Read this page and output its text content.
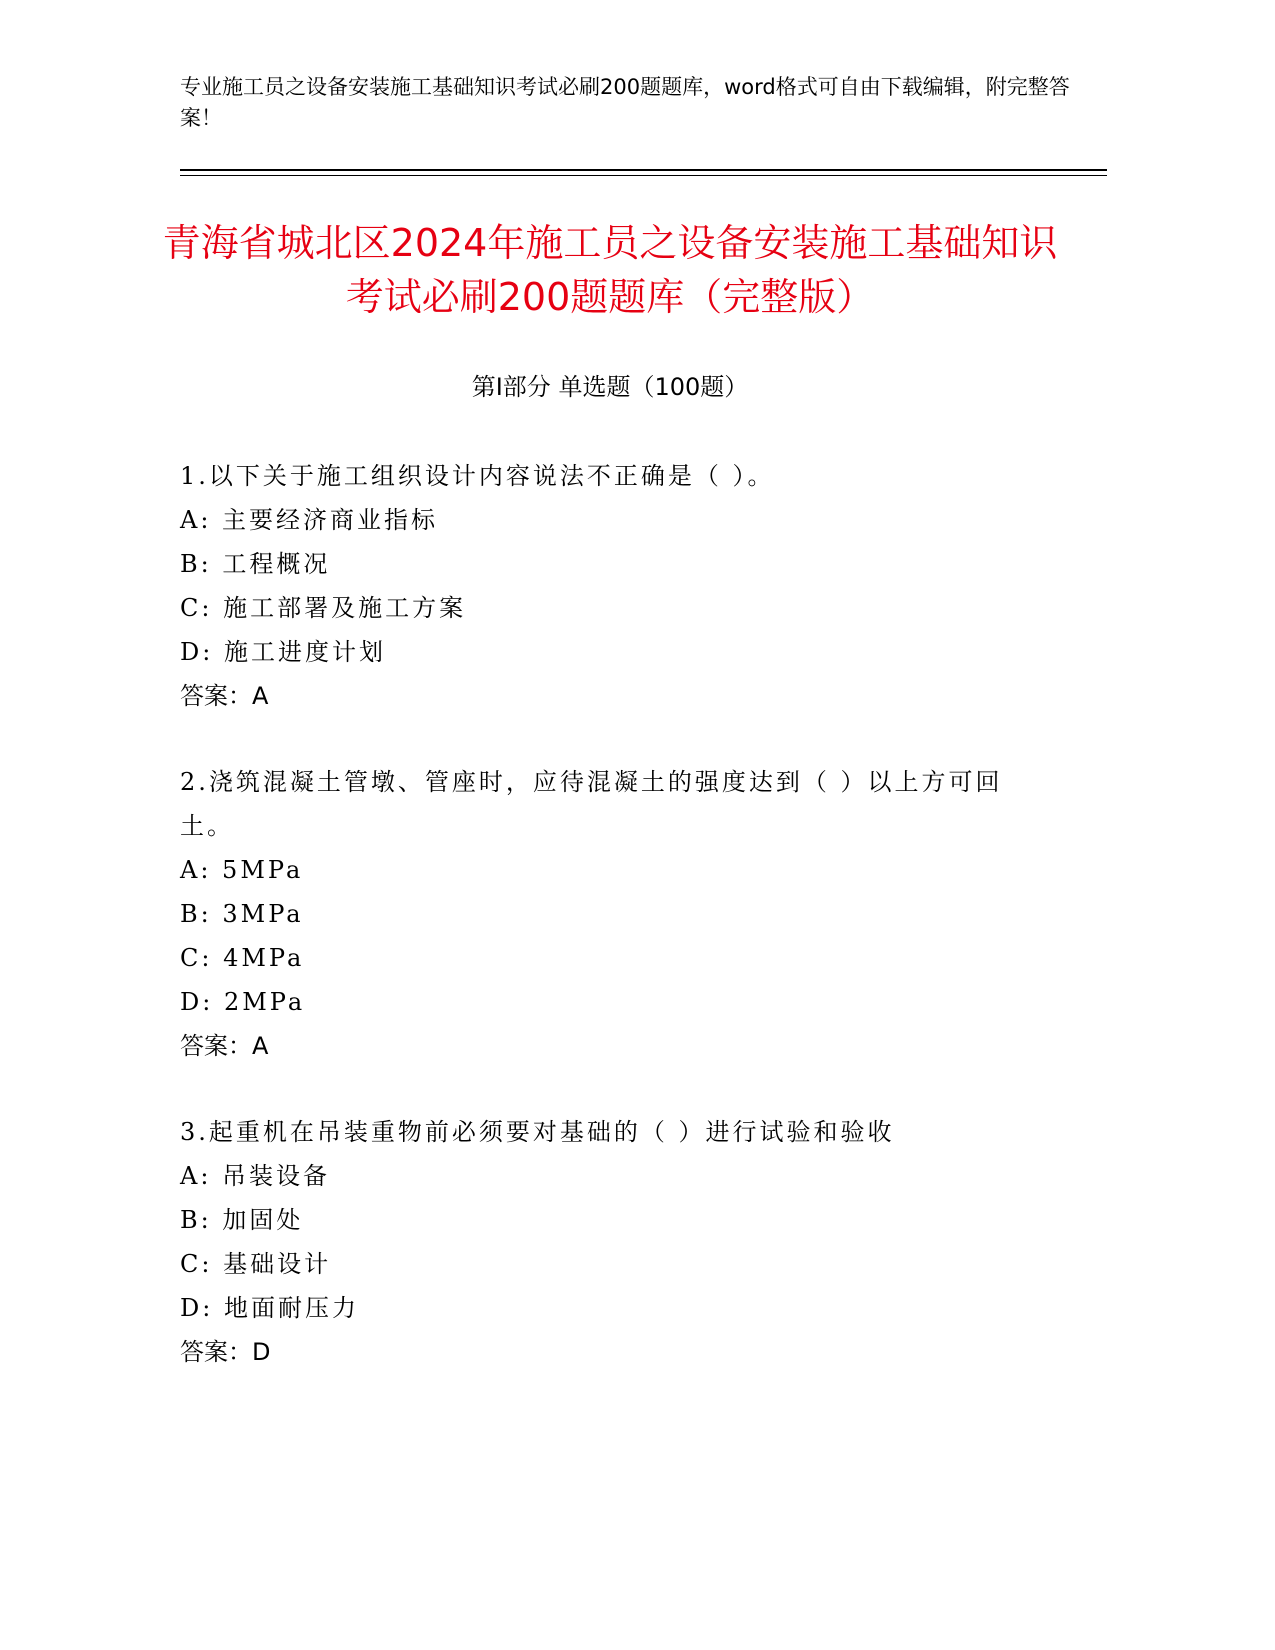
专业施工员之设备安装施工基础知识考试必刷200题题库，word格式可自由下载编辑，附完整答案！

青海省城北区2024年施工员之设备安装施工基础知识考试必刷200题题库（完整版）
第Ⅰ部分 单选题（100题）

1.以下关于施工组织设计内容说法不正确是（ ）。

A: 主要经济商业指标
B: 工程概况
C: 施工部署及施工方案
D: 施工进度计划

答案：A

2.浇筑混凝土管墩、管座时，应待混凝土的强度达到（ ）以上方可回土。

A: 5MPa
B: 3MPa
C: 4MPa
D: 2MPa

答案：A

3.起重机在吊装重物前必须要对基础的（ ）进行试验和验收

A: 吊装设备
B: 加固处
C: 基础设计
D: 地面耐压力

答案：D
